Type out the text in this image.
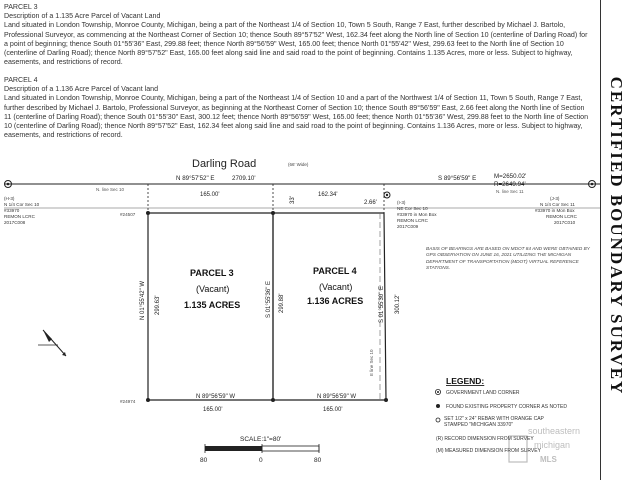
PARCEL 3
Description of a 1.135 Acre Parcel of Vacant Land
Land situated in London Township, Monroe County, Michigan, being a part of the Northeast 1/4 of Section 10, Town 5 South, Range 7 East, further described by Michael J. Bartolo, Professional Surveyor, as commencing at the Northeast Corner of Section 10; thence South 89°57'52" West, 162.34 feet along the North line of Section 10 (centerline of Darling Road) for a point of beginning; thence South 01°55'36" East, 299.88 feet; thence North 89°56'59" West, 165.00 feet; thence North 01°55'42" West, 299.63 feet to the North line of Section 10 (centerline of Darling Road); thence North 89°57'52" East, 165.00 feet along said line and said road to the point of beginning. Contains 1.135 Acres, more or less. Subject to highway, easements, and restrictions of record.
PARCEL 4
Description of a 1.136 Acre Parcel of Vacant land
Land situated in London Township, Monroe County, Michigan, being a part of the Northeast 1/4 of Section 10 and a part of the Northwest 1/4 of Section 11, Town 5 South, Range 7 East, further described by Michael J. Bartolo, Professional Surveyor, as beginning at the Northeast Corner of Section 10; thence South 89°56'59" East, 2.66 feet along the North line of Section 11 (centerline of Darling Road); thence South 01°55'30" East, 300.12 feet; thence North 89°56'59" West, 165.00 feet; thence North 01°55'36" West, 299.88 feet to the North line of Section 10 (centerline of Darling Road); thence North 89°57'52" East, 162.34 feet along said line and said road to the point of beginning. Contains 1.136 Acres, more or less. Subject to highway, easements, and restrictions of record.	CERTIFIED BOUNDARY SURVEY
Darling Road	(66' Wide)
N 89°57'52" E	2709.10'	S 89°56'59" E	M=2650.02'
R=2649.94'
N. line Sec 10	N. line Sec 11
165.00'	162.34'
33'	2.66'
(H-3)
N 1/4 Cor Sec 10
#33970
REMON LCRC
2017C008
(I-3)
NE Cor Sec 10
#33970 in Mon Box
REMON LCRC
2017C009
(J-3)
N 1/4 Cor Sec 11
#33970 in Mon Box
REMON LCRC
2017C010
#24507
#24974
PARCEL 3
(Vacant)
1.135 ACRES
PARCEL 4
(Vacant)
1.136 ACRES
N 01°55'42" W 299.63'	S 01°55'36" E 299.88'	S 01°55'30" E 300.12'
E line Sec 10
N 89°56'59" W
165.00'
N 89°56'59" W
165.00'
BASIS OF BEARINGS ARE BASED ON MDOT 84 AND WERE OBTAINED BY GPS OBSERVATION ON JUNE 16, 2021 UTILIZING THE MICHIGAN DEPARTMENT OF TRANSPORTATION (MDOT) VIRTUAL REFERENCE STATIONS.
SCALE:1"=80'
80	0	80
LEGEND:
GOVERNMENT LAND CORNER
FOUND EXISTING PROPERTY CORNER AS NOTED
SET 1/2" x 24" REBAR WITH ORANGE CAP STAMPED "MICHIGAN 33970"
(R) RECORD DIMENSION FROM SURVEY
(M) MEASURED DIMENSION FROM SURVEY
southeastern
michigan
MLS
